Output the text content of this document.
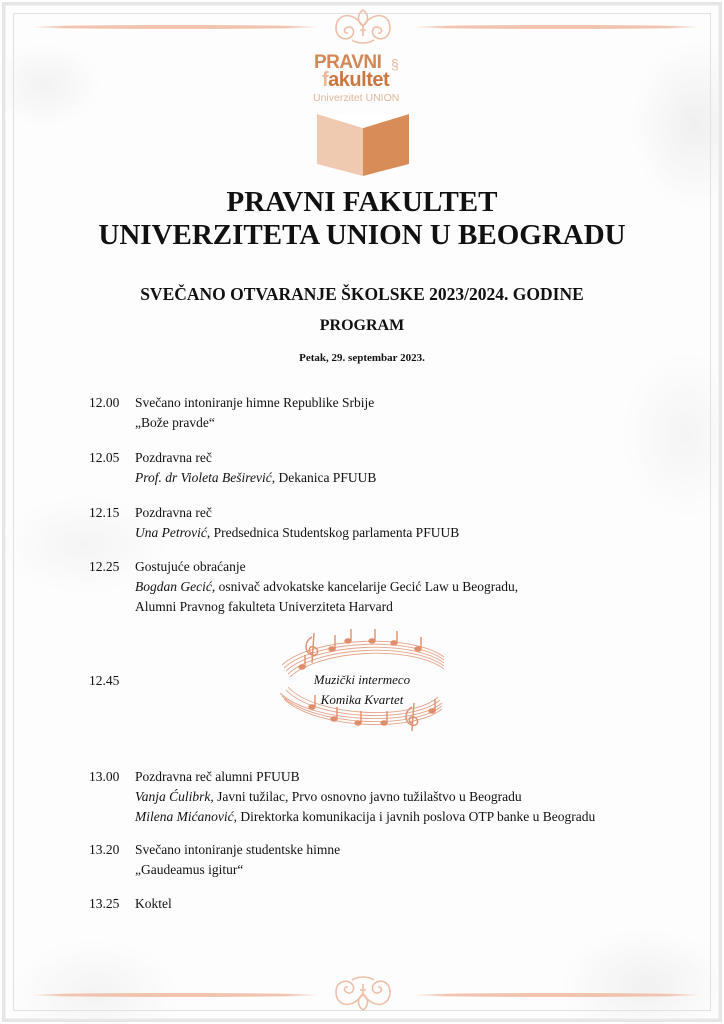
PRAVNI §
fakultet
Univerzitet UNION
PRAVNI FAKULTET
UNIVERZITETA UNION U BEOGRADU
SVEČANO OTVARANJE ŠKOLSKE 2023/2024. GODINE
PROGRAM
Petak, 29. septembar 2023.
12.00	Svečano intoniranje himne Republike Srbije
„Bože pravde“
12.05	Pozdravna reč
Prof. dr Violeta Beširević, Dekanica PFUUB
12.15	Pozdravna reč
Una Petrović, Predsednica Studentskog parlamenta PFUUB
12.25	Gostujuće obraćanje
Bogdan Gecić, osnivač advokatske kancelarije Gecić Law u Beogradu,
Alumni Pravnog fakulteta Univerziteta Harvard
12.45	Muzički intermeco
Komika Kvartet
13.00	Pozdravna reč alumni PFUUB
Vanja Ćulibrk, Javni tužilac, Prvo osnovno javno tužilaštvo u Beogradu
Milena Mićanović, Direktorka komunikacija i javnih poslova OTP banke u Beogradu
13.20	Svečano intoniranje studentske himne
„Gaudeamus igitur“
13.25	Koktel
